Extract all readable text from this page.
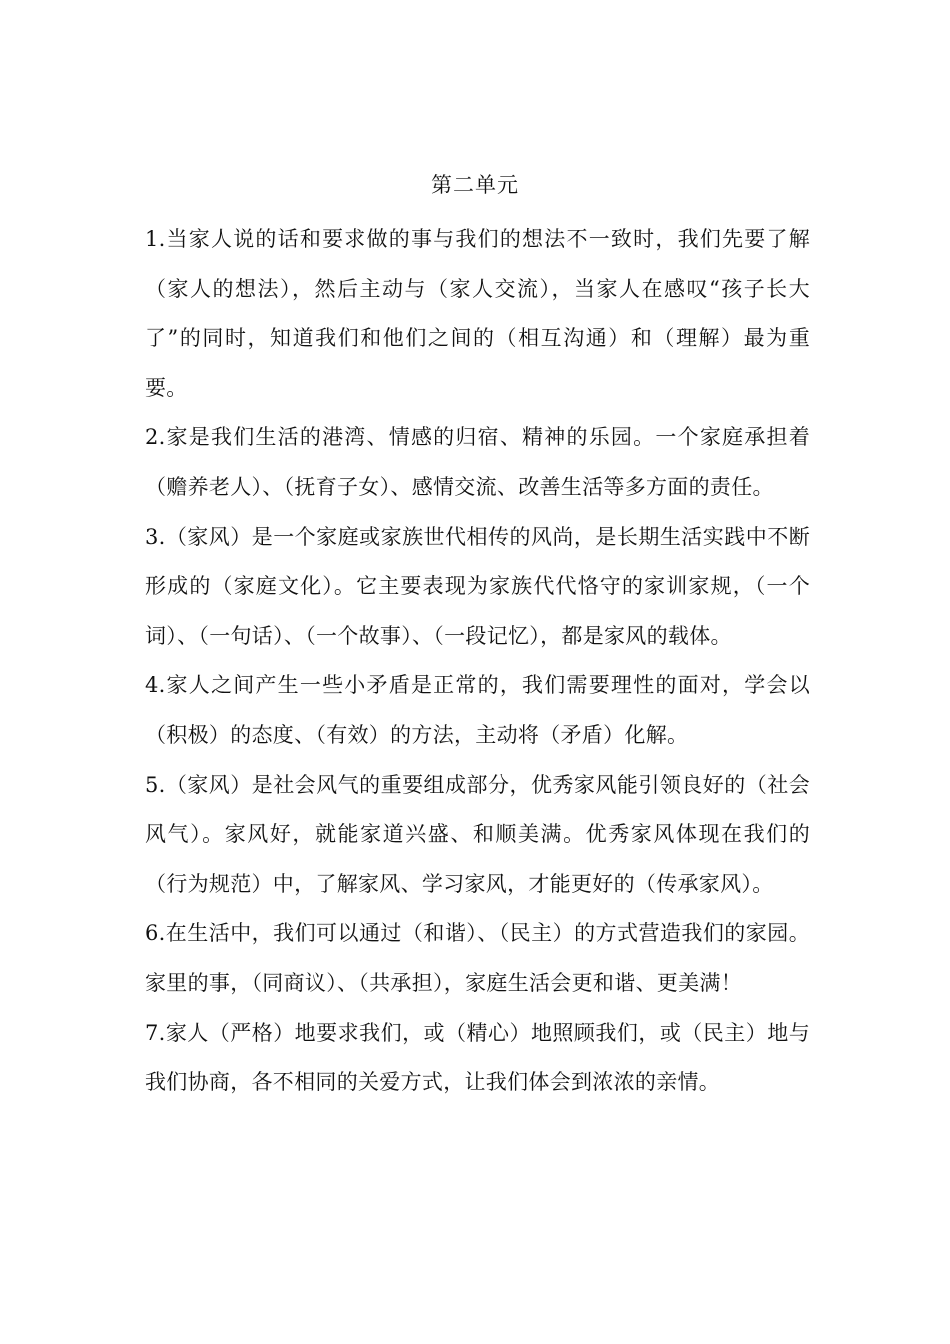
第二单元

1.当家人说的话和要求做的事与我们的想法不一致时，我们先要了解（家人的想法），然后主动与（家人交流），当家人在感叹“孩子长大了”的同时，知道我们和他们之间的（相互沟通）和（理解）最为重要。

2.家是我们生活的港湾、情感的归宿、精神的乐园。一个家庭承担着（赡养老人）、（抚育子女）、感情交流、改善生活等多方面的责任。

3.（家风）是一个家庭或家族世代相传的风尚，是长期生活实践中不断形成的（家庭文化）。它主要表现为家族代代恪守的家训家规，（一个词）、（一句话）、（一个故事）、（一段记忆），都是家风的载体。

4.家人之间产生一些小矛盾是正常的，我们需要理性的面对，学会以（积极）的态度、（有效）的方法，主动将（矛盾）化解。

5.（家风）是社会风气的重要组成部分，优秀家风能引领良好的（社会风气）。家风好，就能家道兴盛、和顺美满。优秀家风体现在我们的（行为规范）中，了解家风、学习家风，才能更好的（传承家风）。

6.在生活中，我们可以通过（和谐）、（民主）的方式营造我们的家园。家里的事，（同商议）、（共承担），家庭生活会更和谐、更美满！

7.家人（严格）地要求我们，或（精心）地照顾我们，或（民主）地与我们协商，各不相同的关爱方式，让我们体会到浓浓的亲情。
